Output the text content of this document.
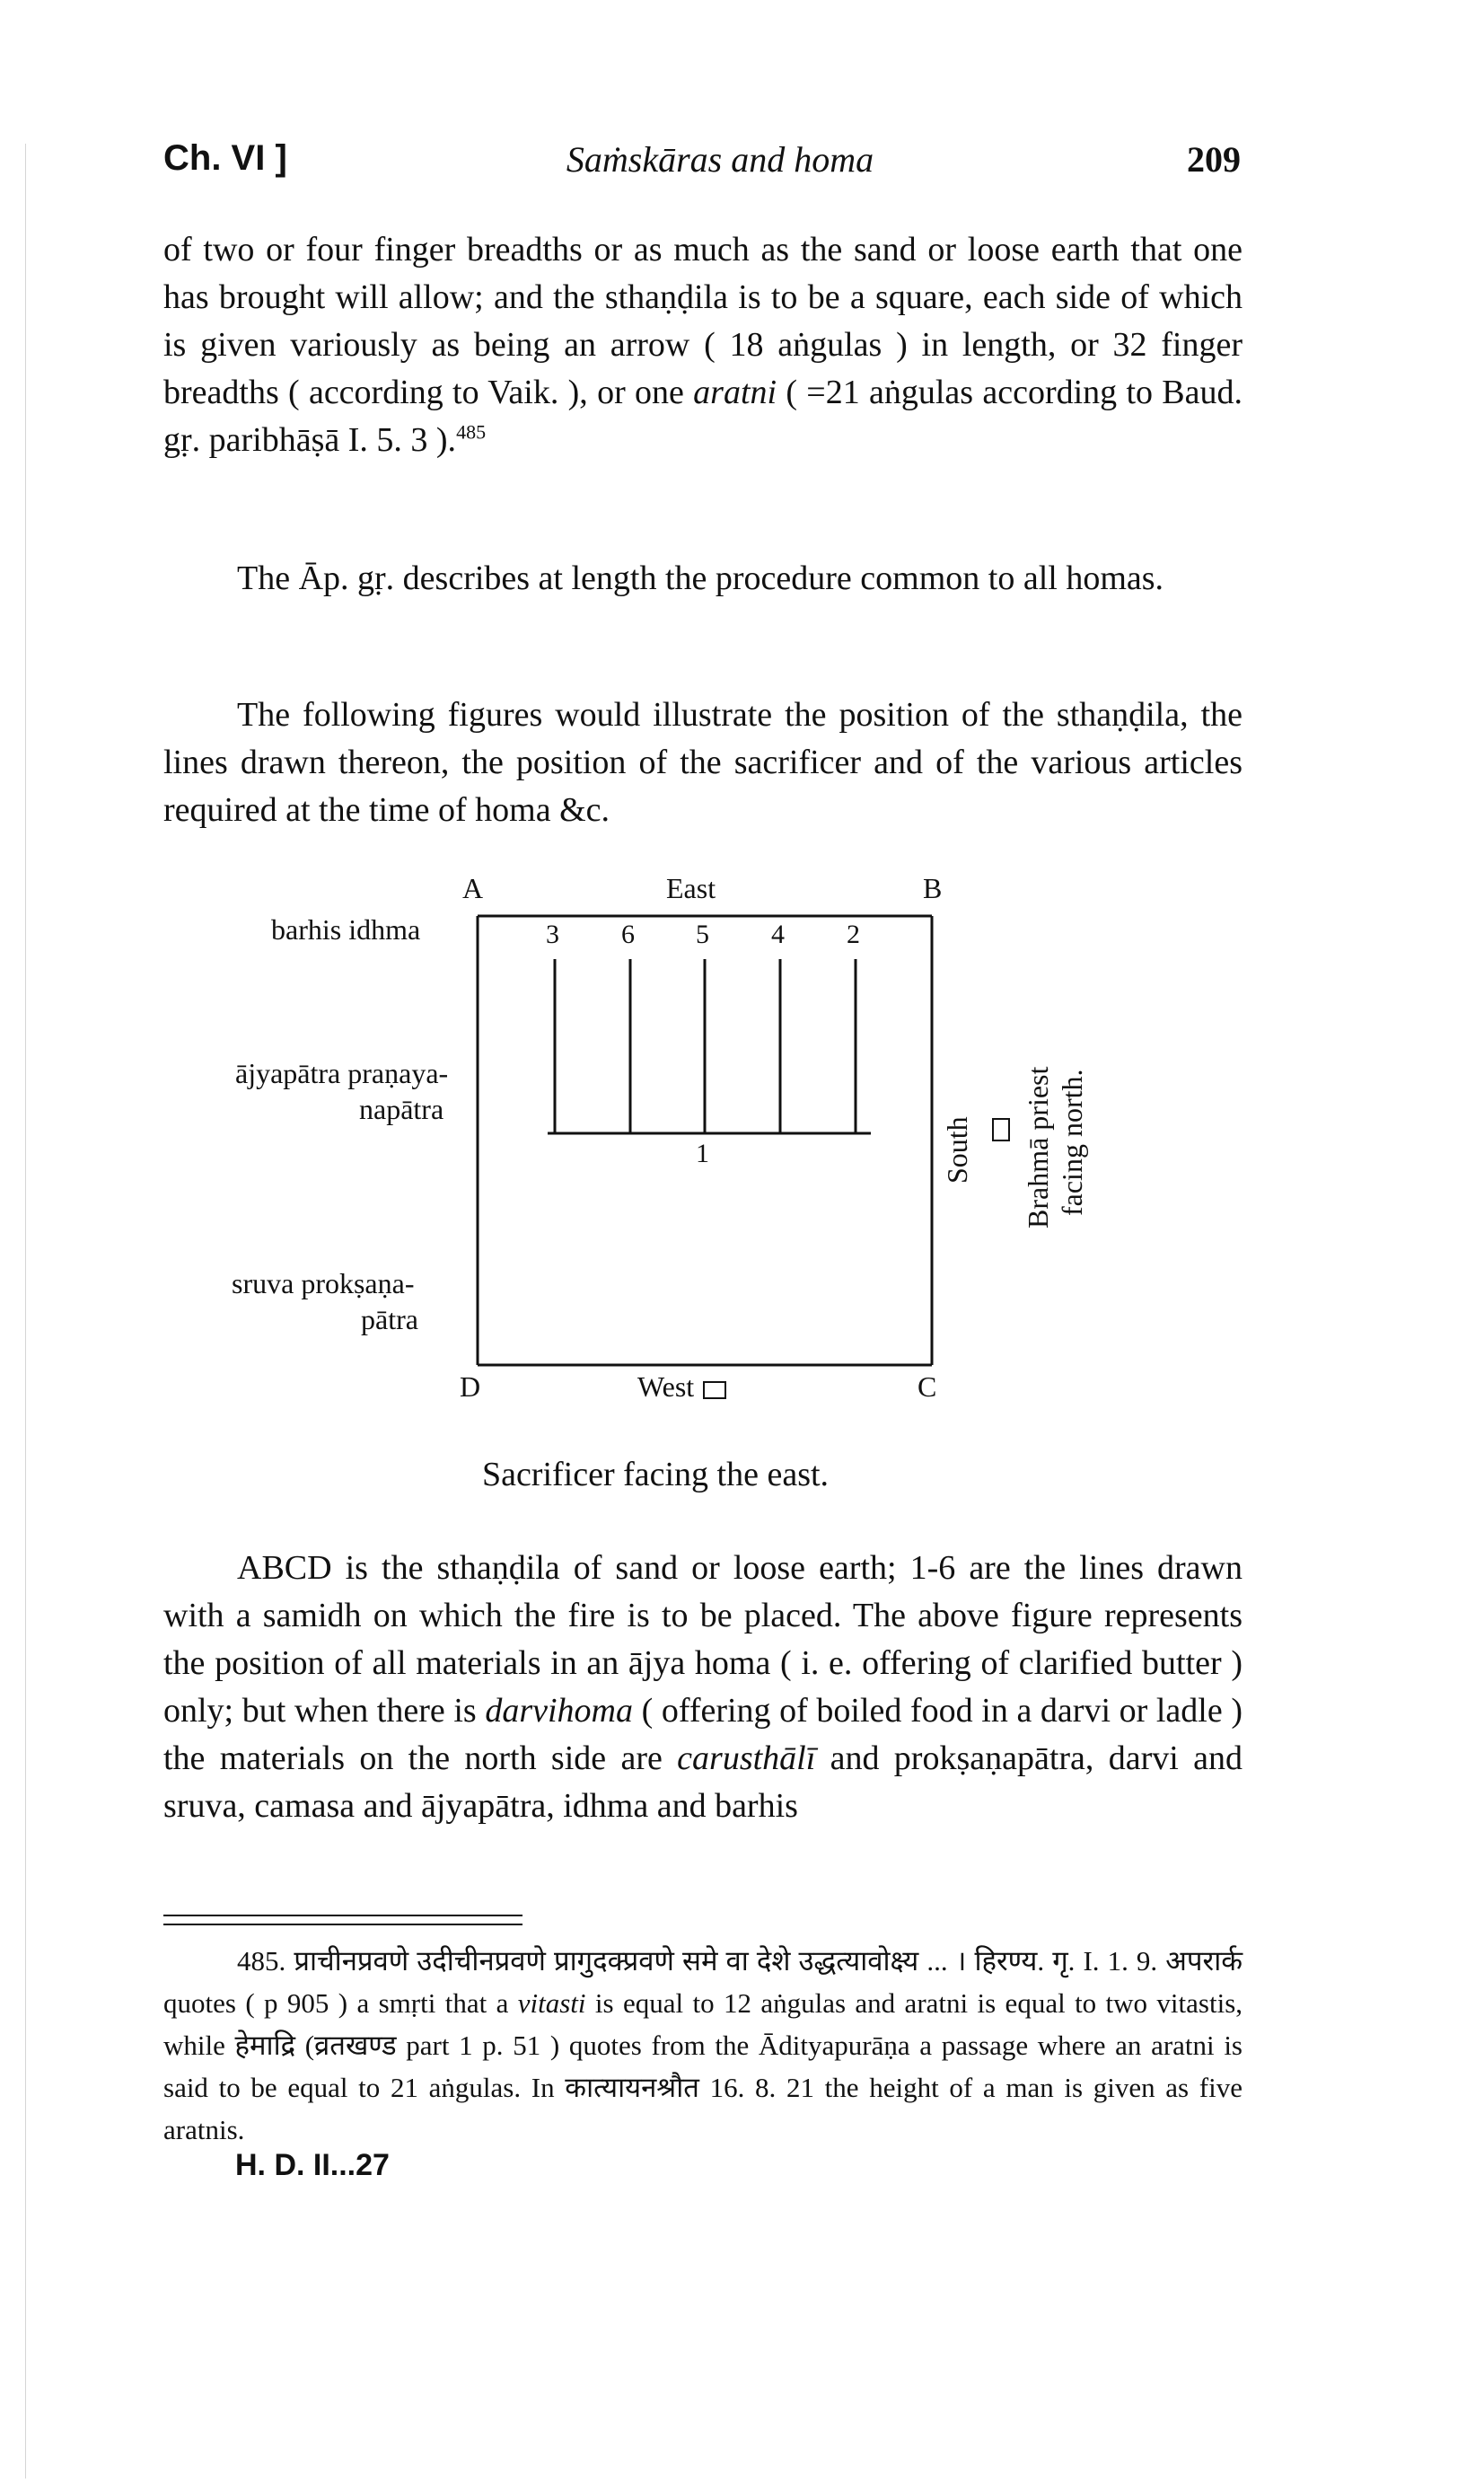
Ch. VI ]	Saṁskāras and homa	209

of two or four finger breadths or as much as the sand or loose earth that one has brought will allow; and the sthaṇḍila is to be a square, each side of which is given variously as being an arrow ( 18 aṅgulas ) in length, or 32 finger breadths ( according to Vaik. ), or one aratni ( =21 aṅgulas according to Baud. gṛ. paribhāṣā I. 5. 3 ).$^{485}$

The Āp. gṛ. describes at length the procedure common to all homas.

The following figures would illustrate the position of the sthaṇḍila, the lines drawn thereon, the position of the sacrificer and of the various articles required at the time of homa &c.

A	East	B
3 6 5 4 2
1
barhis idhma
ājyapātra praṇaya-
napātra
sruva prokṣaṇa-
pātra
D	West	C
South Brahmā priest facing north.
Sacrificer facing the east.

ABCD is the sthaṇḍila of sand or loose earth; 1-6 are the lines drawn with a samidh on which the fire is to be placed. The above figure represents the position of all materials in an ājya homa ( i. e. offering of clarified butter ) only; but when there is darvihoma ( offering of boiled food in a darvi or ladle ) the materials on the north side are carusthālī and prokṣaṇapātra, darvi and sruva, camasa and ājyapātra, idhma and barhis

485. प्राचीनप्रवणे उदीचीनप्रवणे प्रागुदक्प्रवणे समे वा देशे उद्धत्यावोक्ष्य ... । हिरण्य. गृ. I. 1. 9. अपरार्क quotes ( p 905 ) a smṛti that a vitasti is equal to 12 aṅgulas and aratni is equal to two vitastis, while हेमाद्रि (व्रतखण्ड part 1 p. 51 ) quotes from the Ādityapurāṇa a passage where an aratni is said to be equal to 21 aṅgulas. In कात्यायनश्रौत 16. 8. 21 the height of a man is given as five aratnis.

H. D. II...27
